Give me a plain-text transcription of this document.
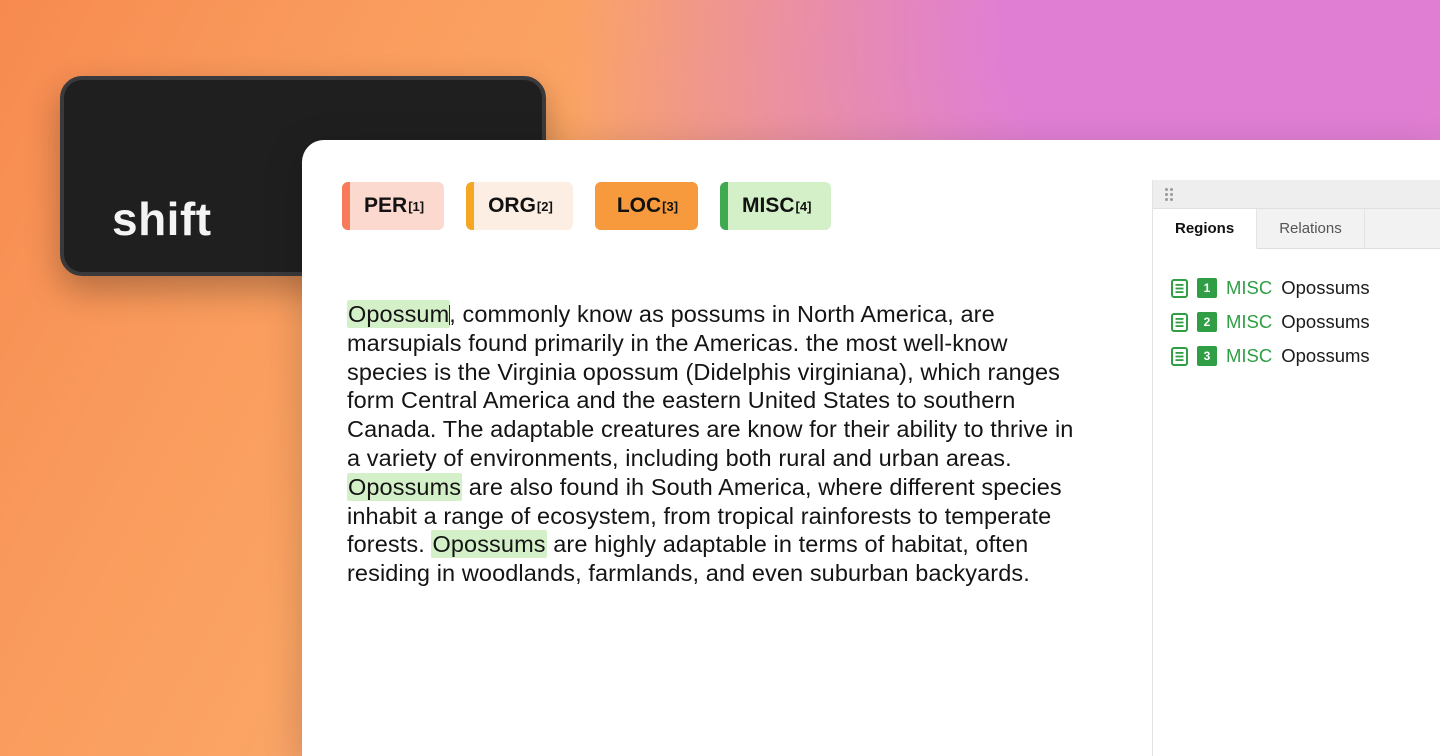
shift	PER [1]	ORG [2]	LOC [3]	MISC [4]
Opossum, commonly know as possums in North America, are marsupials found primarily in the Americas. the most well-know species is the Virginia opossum (Didelphis virginiana), which ranges form Central America and the eastern United States to southern Canada. The adaptable creatures are know for their ability to thrive in a variety of environments, including both rural and urban areas. Opossums are also found ih South America, where different species inhabit a range of ecosystem, from tropical rainforests to temperate forests. Opossums are highly adaptable in terms of habitat, often residing in woodlands, farmlands, and even suburban backyards.
Regions	Relations
1 MISC Opossums
2 MISC Opossums
3 MISC Opossums
